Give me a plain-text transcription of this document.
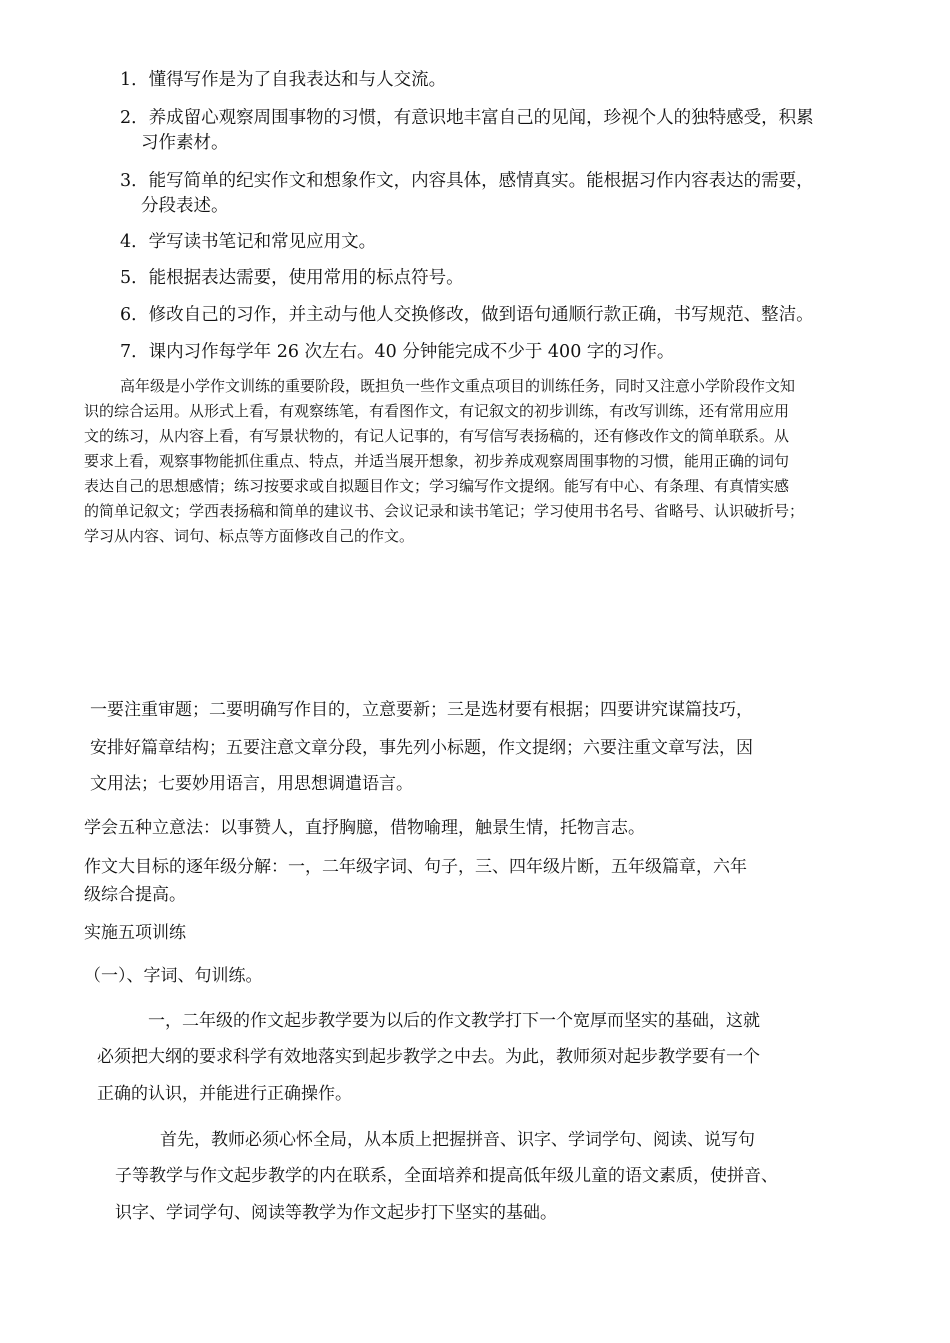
1．懂得写作是为了自我表达和与人交流。
2．养成留心观察周围事物的习惯，有意识地丰富自己的见闻，珍视个人的独特感受，积累
习作素材。
3．能写简单的纪实作文和想象作文，内容具体，感情真实。能根据习作内容表达的需要，
分段表述。
4．学写读书笔记和常见应用文。
5．能根据表达需要，使用常用的标点符号。
6．修改自己的习作，并主动与他人交换修改，做到语句通顺行款正确，书写规范、整洁。
7．课内习作每学年 26 次左右。40 分钟能完成不少于 400 字的习作。
高年级是小学作文训练的重要阶段，既担负一些作文重点项目的训练任务，同时又注意小学阶段作文知
识的综合运用。从形式上看，有观察练笔，有看图作文，有记叙文的初步训练，有改写训练，还有常用应用
文的练习，从内容上看，有写景状物的，有记人记事的，有写信写表扬稿的，还有修改作文的简单联系。从
要求上看，观察事物能抓住重点、特点，并适当展开想象，初步养成观察周围事物的习惯，能用正确的词句
表达自己的思想感情；练习按要求或自拟题目作文；学习编写作文提纲。能写有中心、有条理、有真情实感
的简单记叙文；学西表扬稿和简单的建议书、会议记录和读书笔记；学习使用书名号、省略号、认识破折号；
学习从内容、词句、标点等方面修改自己的作文。
一要注重审题；二要明确写作目的，立意要新；三是选材要有根据；四要讲究谋篇技巧，
安排好篇章结构；五要注意文章分段，事先列小标题，作文提纲；六要注重文章写法，因
文用法；七要妙用语言，用思想调遣语言。
学会五种立意法：以事赞人，直抒胸臆，借物喻理，触景生情，托物言志。
作文大目标的逐年级分解：一，二年级字词、句子，三、四年级片断，五年级篇章，六年
级综合提高。
实施五项训练
（一）、字词、句训练。
一，二年级的作文起步教学要为以后的作文教学打下一个宽厚而坚实的基础，这就
必须把大纲的要求科学有效地落实到起步教学之中去。为此，教师须对起步教学要有一个
正确的认识，并能进行正确操作。
首先，教师必须心怀全局，从本质上把握拼音、识字、学词学句、阅读、说写句
子等教学与作文起步教学的内在联系，全面培养和提高低年级儿童的语文素质，使拼音、
识字、学词学句、阅读等教学为作文起步打下坚实的基础。
